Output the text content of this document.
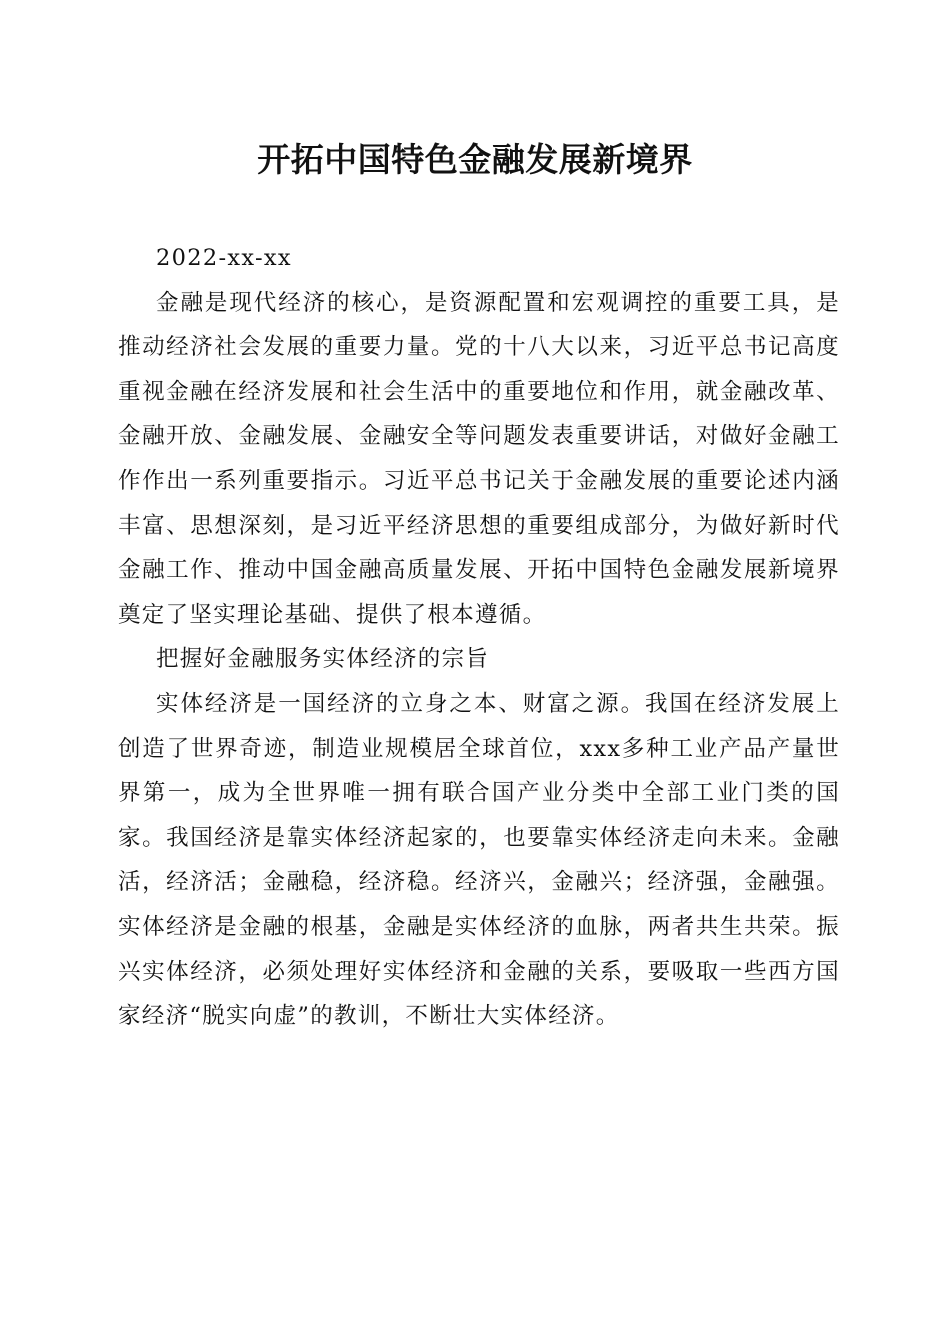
开拓中国特色金融发展新境界

2022-xx-xx

金融是现代经济的核心，是资源配置和宏观调控的重要工具，是推动经济社会发展的重要力量。党的十八大以来，习近平总书记高度重视金融在经济发展和社会生活中的重要地位和作用，就金融改革、金融开放、金融发展、金融安全等问题发表重要讲话，对做好金融工作作出一系列重要指示。习近平总书记关于金融发展的重要论述内涵丰富、思想深刻，是习近平经济思想的重要组成部分，为做好新时代金融工作、推动中国金融高质量发展、开拓中国特色金融发展新境界奠定了坚实理论基础、提供了根本遵循。

把握好金融服务实体经济的宗旨

实体经济是一国经济的立身之本、财富之源。我国在经济发展上创造了世界奇迹，制造业规模居全球首位，xxx多种工业产品产量世界第一，成为全世界唯一拥有联合国产业分类中全部工业门类的国家。我国经济是靠实体经济起家的，也要靠实体经济走向未来。金融活，经济活；金融稳，经济稳。经济兴，金融兴；经济强，金融强。实体经济是金融的根基，金融是实体经济的血脉，两者共生共荣。振兴实体经济，必须处理好实体经济和金融的关系，要吸取一些西方国家经济“脱实向虚”的教训，不断壮大实体经济。
